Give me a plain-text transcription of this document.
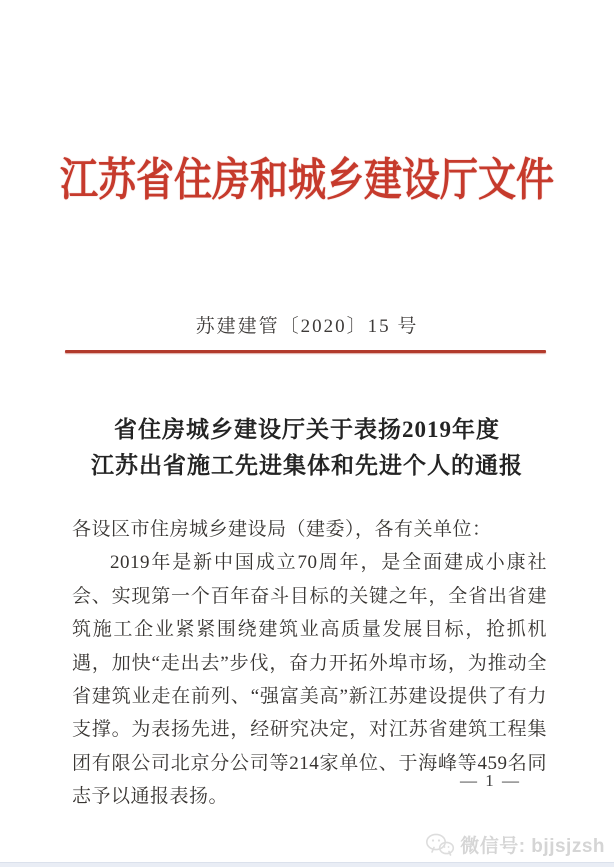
江苏省住房和城乡建设厅文件
苏建建管〔2020〕15 号
省住房城乡建设厅关于表扬2019年度
江苏出省施工先进集体和先进个人的通报
各设区市住房城乡建设局（建委），各有关单位：
2019年是新中国成立70周年，是全面建成小康社会、实现第一个百年奋斗目标的关键之年，全省出省建筑施工企业紧紧围绕建筑业高质量发展目标，抢抓机遇，加快“走出去”步伐，奋力开拓外埠市场，为推动全省建筑业走在前列、“强富美高”新江苏建设提供了有力支撑。为表扬先进，经研究决定，对江苏省建筑工程集团有限公司北京分公司等214家单位、于海峰等459名同志予以通报表扬。
— 1 —
微信号: bjjsjzsh
